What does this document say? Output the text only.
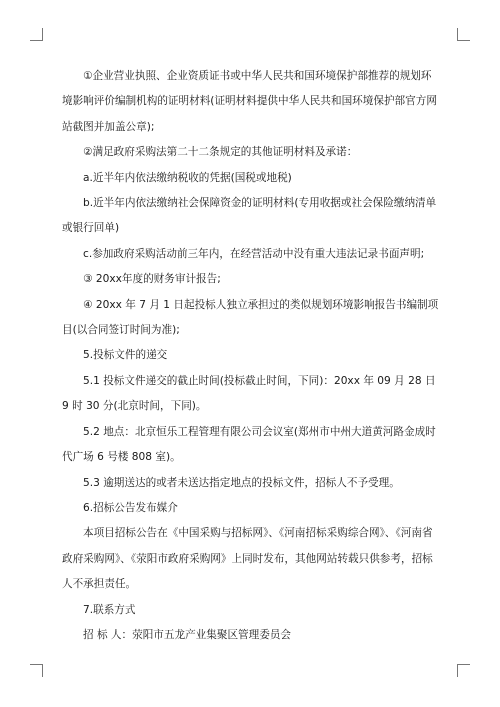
①企业营业执照、企业资质证书或中华人民共和国环境保护部推荐的规划环境影响评价编制机构的证明材料(证明材料提供中华人民共和国环境保护部官方网站截图并加盖公章);

②满足政府采购法第二十二条规定的其他证明材料及承诺：

a.近半年内依法缴纳税收的凭据(国税或地税)

b.近半年内依法缴纳社会保障资金的证明材料(专用收据或社会保险缴纳清单或银行回单)

c.参加政府采购活动前三年内，在经营活动中没有重大违法记录书面声明;

③ 20xx年度的财务审计报告;

④ 20xx 年 7 月 1 日起投标人独立承担过的类似规划环境影响报告书编制项目(以合同签订时间为准);

5.投标文件的递交

5.1 投标文件递交的截止时间(投标截止时间，下同)：20xx 年 09 月 28 日 9 时 30 分(北京时间，下同)。

5.2 地点：北京恒乐工程管理有限公司会议室(郑州市中州大道黄河路金成时代广场 6 号楼 808 室)。

5.3 逾期送达的或者未送达指定地点的投标文件，招标人不予受理。

6.招标公告发布媒介

本项目招标公告在《中国采购与招标网》、《河南招标采购综合网》、《河南省政府采购网》、《荥阳市政府采购网》上同时发布，其他网站转载只供参考，招标人不承担责任。

7.联系方式

招 标 人：荥阳市五龙产业集聚区管理委员会
